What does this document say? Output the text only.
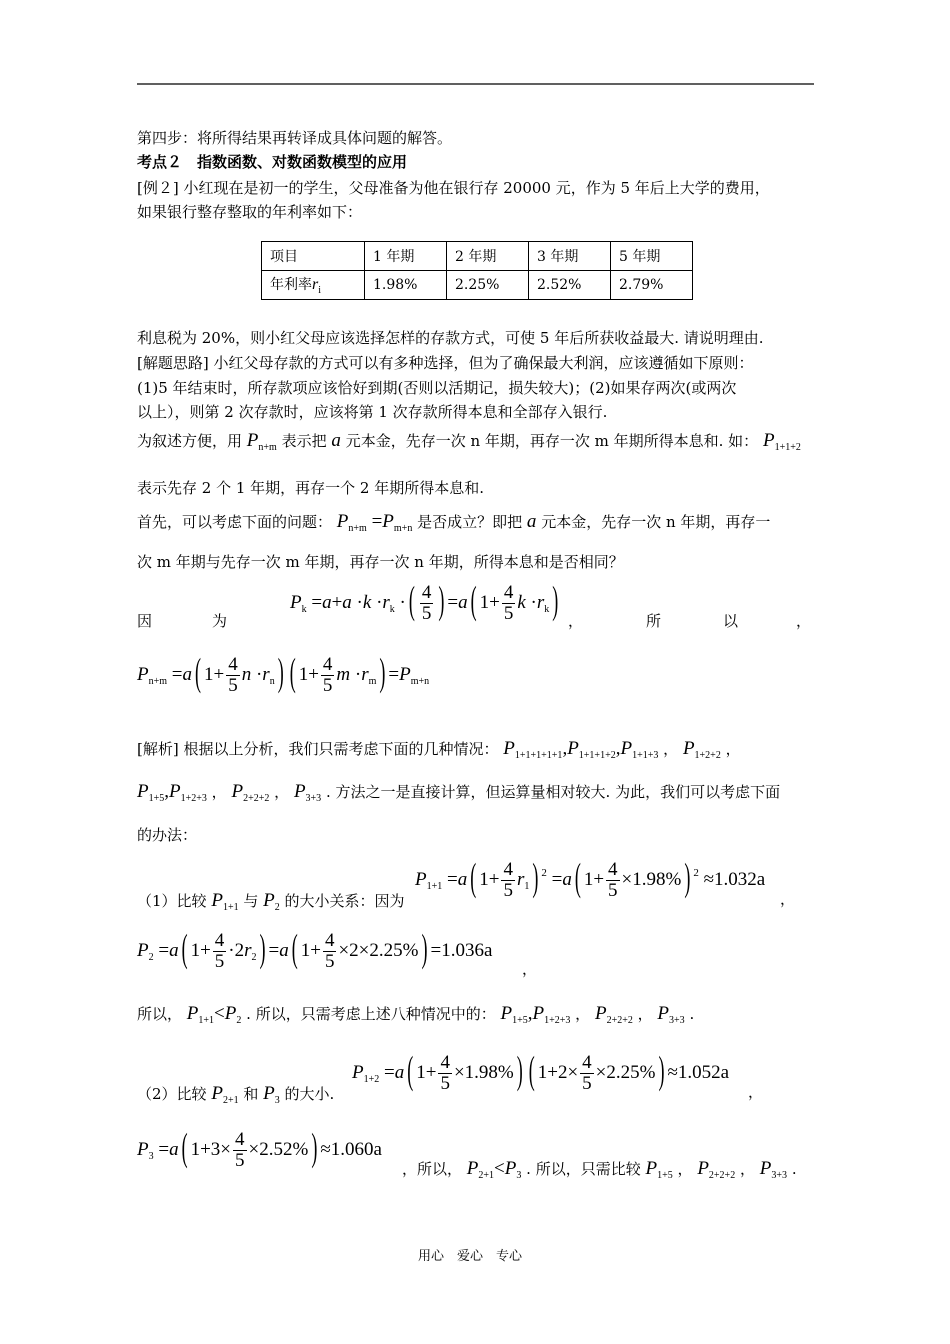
第四步：将所得结果再转译成具体问题的解答。
考点２　指数函数、对数函数模型的应用
[例２] 小红现在是初一的学生，父母准备为他在银行存 20000 元，作为 5 年后上大学的费用，
如果银行整存整取的年利率如下：
项目	1 年期	2 年期	3 年期	5 年期
年利率$r_i$	1.98%	2.25%	2.52%	2.79%
利息税为 20%，则小红父母应该选择怎样的存款方式，可使 5 年后所获收益最大. 请说明理由.
[解题思路] 小红父母存款的方式可以有多种选择，但为了确保最大利润，应该遵循如下原则：
(1)5 年结束时，所存款项应该恰好到期(否则以活期记，损失较大)；(2)如果存两次(或两次
以上），则第 2 次存款时，应该将第 1 次存款所得本息和全部存入银行.
为叙述方便，用 $P_{n+m}$ 表示把 a 元本金，先存一次 n 年期，再存一次 m 年期所得本息和. 如： $P_{1+1+2}$
表示先存 2 个 1 年期，再存一个 2 年期所得本息和.
首先，可以考虑下面的问题： $P_{n+m} =P_{m+n}$ 是否成立？即把 a 元本金，先存一次 n 年期，再存一
次 m 年期与先存一次 m 年期，再存一次 n 年期，所得本息和是否相同？
$P_k =a+a \cdot k \cdot r_k$ · ( $\frac{4}{5}$ ) =a ( $1+ \frac{4}{5}$ $k \cdot r_k$ )
因	为	，	所	以	，
$P_{n+m} =a$ ( $1+ \frac{4}{5}$ $n \cdot r_n$ ) ( $1+ \frac{4}{5}$ $m \cdot r_m$ ) $=P_{m+n}$
[解析] 根据以上分析，我们只需考虑下面的几种情况： $P_{1+1+1+1+1},P_{1+1+1+2},P_{1+1+3}$ ， $P_{1+2+2}$ ，
$P_{1+5},P_{1+2+3}$ ， $P_{2+2+2}$ ， $P_{3+3}$ . 方法之一是直接计算，但运算量相对较大. 为此，我们可以考虑下面
的办法：
$P_{1+1} =a$ ( $1+ \frac{4}{5} r_1$ ) $^2$ =a ( $1+ \frac{4}{5} \times 1.98\%$ ) $^2$ ≈1.032a
（1）比较 $P_{1+1}$ 与 $P_2$ 的大小关系：因为	，
$P_2 =a$ ( $1+ \frac{4}{5} \cdot 2r_2$ ) =a ( $1+ \frac{4}{5} \times 2\times 2.25\%$ ) =1.036a
，
所以， $P_{1+1}<P_2$ . 所以，只需考虑上述八种情况中的： $P_{1+5},P_{1+2+3}$ ， $P_{2+2+2}$ ， $P_{3+3}$ .
$P_{1+2} =a$ ( $1+ \frac{4}{5} \times 1.98\%$ ) ( $1+2\times \frac{4}{5} \times 2.25\%$ ) ≈1.052a
（2）比较 $P_{2+1}$ 和 $P_3$ 的大小.	，
$P_3 =a$ ( $1+3\times \frac{4}{5} \times 2.52\%$ ) ≈1.060a
，所以， $P_{2+1}<P_3$ . 所以，只需比较 $P_{1+5}$ ， $P_{2+2+2}$ ， $P_{3+3}$ .
用心　爱心　专心
